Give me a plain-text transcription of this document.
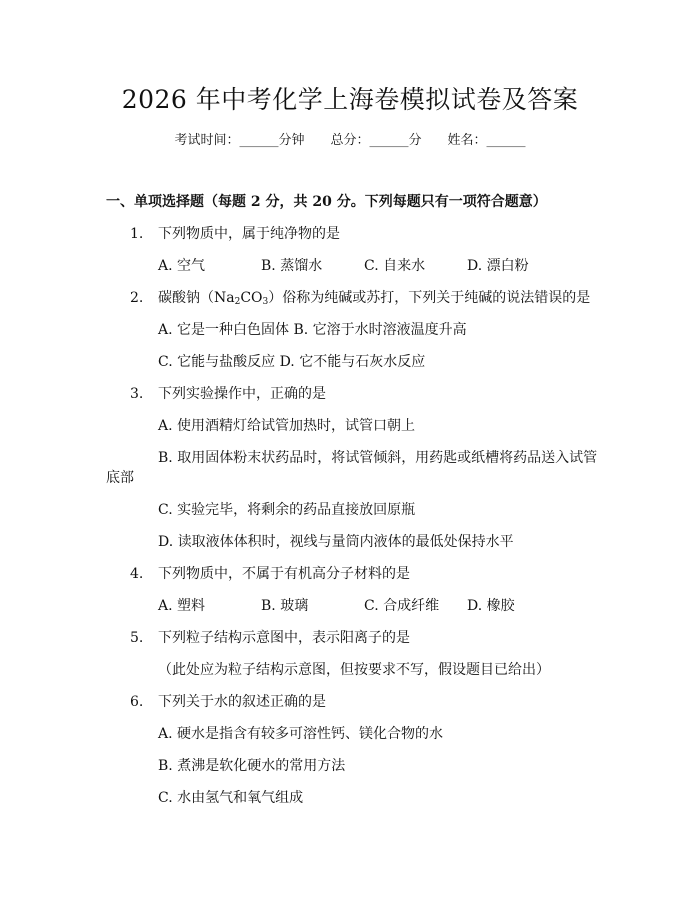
2026 年中考化学上海卷模拟试卷及答案
考试时间：______分钟 总分：______分 姓名：______
一、单项选择题（每题 2 分，共 20 分。下列每题只有一项符合题意）
1. 下列物质中，属于纯净物的是
A. 空气	B. 蒸馏水	C. 自来水	D. 漂白粉
2. 碳酸钠$(Na_2CO_3)$俗称为纯碱或苏打，下列关于纯碱的说法错误的是
A. 它是一种白色固体 B. 它溶于水时溶液温度升高
C. 它能与盐酸反应 D. 它不能与石灰水反应
3. 下列实验操作中，正确的是
A. 使用酒精灯给试管加热时，试管口朝上
B. 取用固体粉末状药品时，将试管倾斜，用药匙或纸槽将药品送入试管
底部
C. 实验完毕，将剩余的药品直接放回原瓶
D. 读取液体体积时，视线与量筒内液体的最低处保持水平
4. 下列物质中，不属于有机高分子材料的是
A. 塑料	B. 玻璃	C. 合成纤维 D. 橡胶
5. 下列粒子结构示意图中，表示阳离子的是
（此处应为粒子结构示意图，但按要求不写，假设题目已给出）
6. 下列关于水的叙述正确的是
A. 硬水是指含有较多可溶性钙、镁化合物的水
B. 煮沸是软化硬水的常用方法
C. 水由氢气和氧气组成
